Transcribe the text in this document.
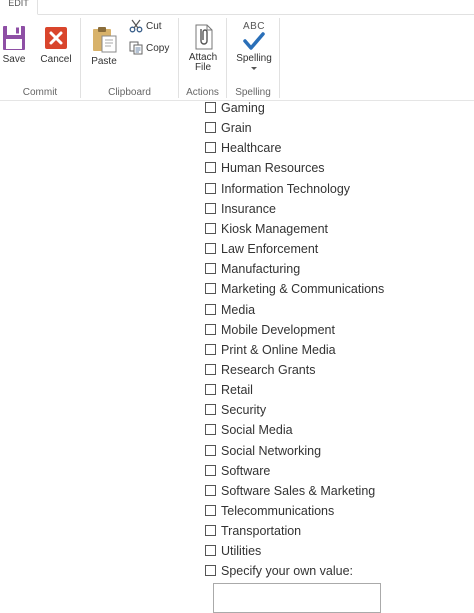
EDIT
Save Cancel
Commit
Paste
Cut
Copy
Clipboard
Attach
File
Actions
ABC
Spelling
Spelling
Gaming
Grain
Healthcare
Human Resources
Information Technology
Insurance
Kiosk Management
Law Enforcement
Manufacturing
Marketing & Communications
Media
Mobile Development
Print & Online Media
Research Grants
Retail
Security
Social Media
Social Networking
Software
Software Sales & Marketing
Telecommunications
Transportation
Utilities
Specify your own value:
